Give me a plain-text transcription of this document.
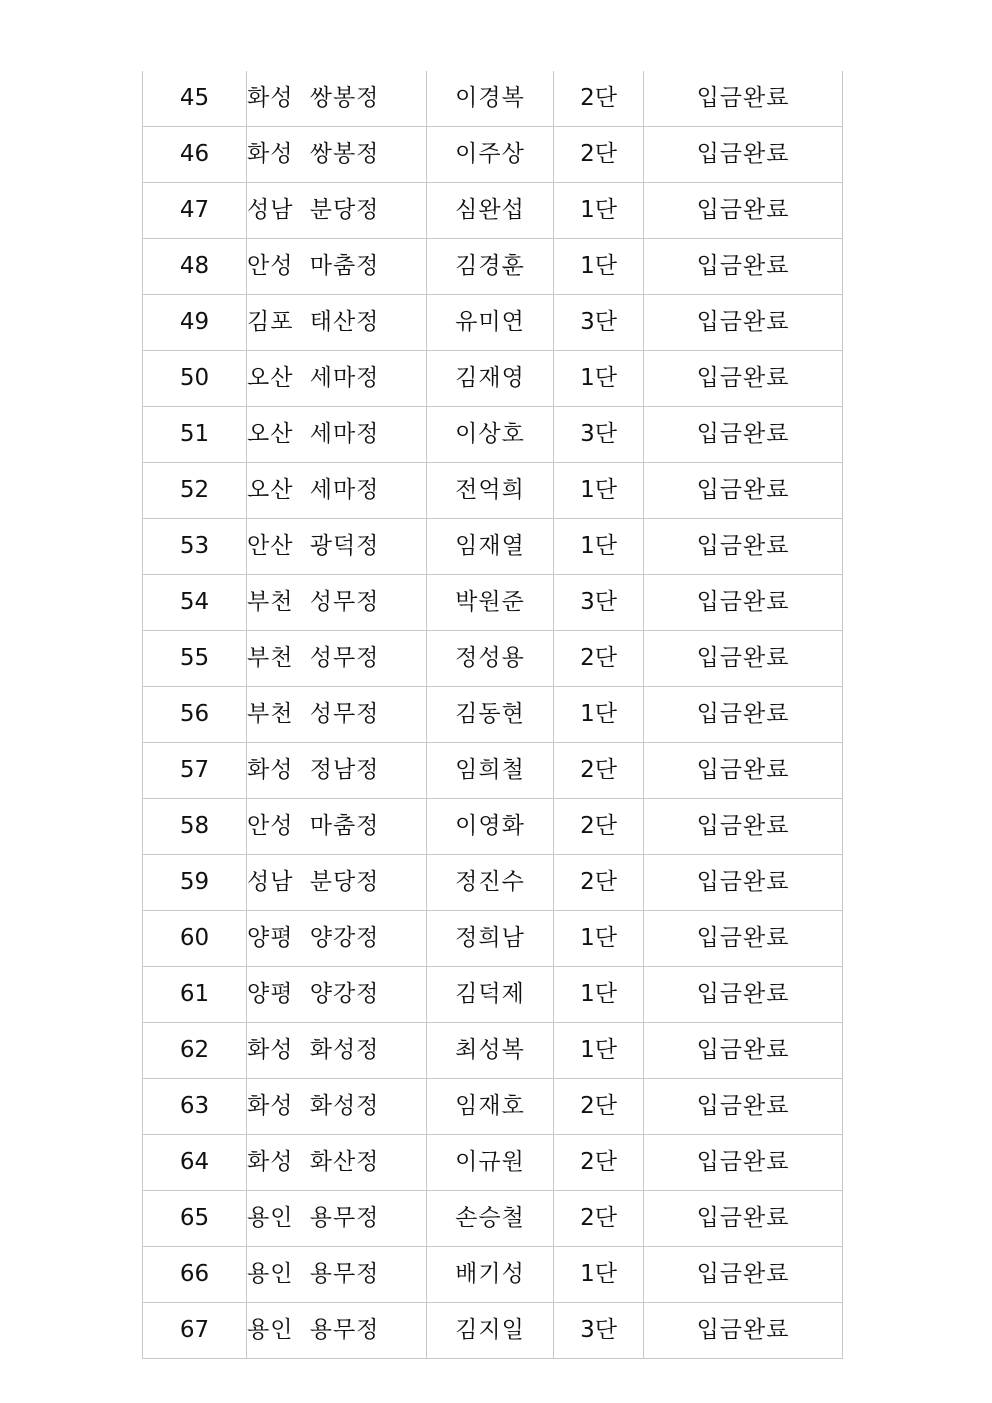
45	화성 쌍봉정	이경복	2단	입금완료
46	화성 쌍봉정	이주상	2단	입금완료
47	성남 분당정	심완섭	1단	입금완료
48	안성 마춤정	김경훈	1단	입금완료
49	김포 태산정	유미연	3단	입금완료
50	오산 세마정	김재영	1단	입금완료
51	오산 세마정	이상호	3단	입금완료
52	오산 세마정	전억희	1단	입금완료
53	안산 광덕정	임재열	1단	입금완료
54	부천 성무정	박원준	3단	입금완료
55	부천 성무정	정성용	2단	입금완료
56	부천 성무정	김동현	1단	입금완료
57	화성 정남정	임희철	2단	입금완료
58	안성 마춤정	이영화	2단	입금완료
59	성남 분당정	정진수	2단	입금완료
60	양평 양강정	정희남	1단	입금완료
61	양평 양강정	김덕제	1단	입금완료
62	화성 화성정	최성복	1단	입금완료
63	화성 화성정	임재호	2단	입금완료
64	화성 화산정	이규원	2단	입금완료
65	용인 용무정	손승철	2단	입금완료
66	용인 용무정	배기성	1단	입금완료
67	용인 용무정	김지일	3단	입금완료
